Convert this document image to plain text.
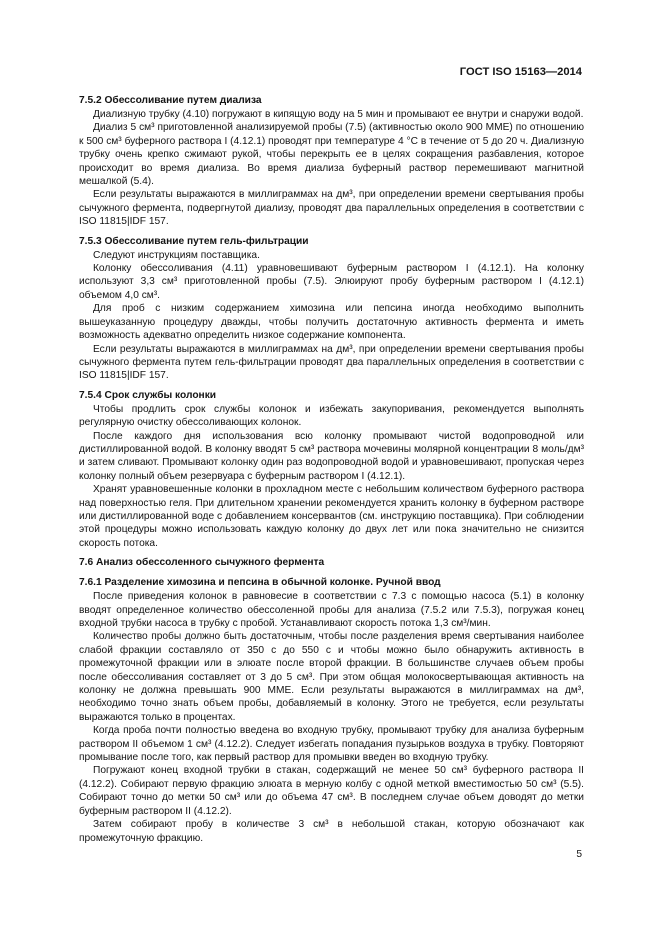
ГОСТ ISO 15163—2014
7.5.2 Обессоливание путем диализа

Диализную трубку (4.10) погружают в кипящую воду на 5 мин и промывают ее внутри и снаружи водой.

Диализ 5 см³ приготовленной анализируемой пробы (7.5) (активностью около 900 ММЕ) по отношению к 500 см³ буферного раствора I (4.12.1) проводят при температуре 4 °С в течение от 5 до 20 ч. Диализную трубку очень крепко сжимают рукой, чтобы перекрыть ее в целях сокращения разбавления, которое происходит во время диализа. Во время диализа буферный раствор перемешивают магнитной мешалкой (5.4).

Если результаты выражаются в миллиграммах на дм³, при определении времени свертывания пробы сычужного фермента, подвергнутой диализу, проводят два параллельных определения в соответствии с ISO 11815|IDF 157.

7.5.3 Обессоливание путем гель-фильтрации

Следуют инструкциям поставщика.

Колонку обессоливания (4.11) уравновешивают буферным раствором I (4.12.1). На колонку используют 3,3 см³ приготовленной пробы (7.5). Элюируют пробу буферным раствором I (4.12.1) объемом 4,0 см³.

Для проб с низким содержанием химозина или пепсина иногда необходимо выполнить вышеуказанную процедуру дважды, чтобы получить достаточную активность фермента и иметь возможность адекватно определить низкое содержание компонента.

Если результаты выражаются в миллиграммах на дм³, при определении времени свертывания пробы сычужного фермента путем гель-фильтрации проводят два параллельных определения в соответствии с ISO 11815|IDF 157.

7.5.4 Срок службы колонки

Чтобы продлить срок службы колонок и избежать закупоривания, рекомендуется выполнять регулярную очистку обессоливающих колонок.

После каждого дня использования всю колонку промывают чистой водопроводной или дистиллированной водой. В колонку вводят 5 см³ раствора мочевины молярной концентрации 8 моль/дм³ и затем сливают. Промывают колонку один раз водопроводной водой и уравновешивают, пропуская через колонку полный объем резервуара с буферным раствором I (4.12.1).

Хранят уравновешенные колонки в прохладном месте с небольшим количеством буферного раствора над поверхностью геля. При длительном хранении рекомендуется хранить колонку в буферном растворе или дистиллированной воде с добавлением консервантов (см. инструкцию поставщика). При соблюдении этой процедуры можно использовать каждую колонку до двух лет или пока значительно не снизится скорость потока.

7.6 Анализ обессоленного сычужного фермента
7.6.1 Разделение химозина и пепсина в обычной колонке. Ручной ввод

После приведения колонок в равновесие в соответствии с 7.3 с помощью насоса (5.1) в колонку вводят определенное количество обессоленной пробы для анализа (7.5.2 или 7.5.3), погружая конец входной трубки насоса в трубку с пробой. Устанавливают скорость потока 1,3 см³/мин.

Количество пробы должно быть достаточным, чтобы после разделения время свертывания наиболее слабой фракции составляло от 350 с до 550 с и чтобы можно было обнаружить активность в промежуточной фракции или в элюате после второй фракции. В большинстве случаев объем пробы после обессоливания составляет от 3 до 5 см³. При этом общая молокосвертывающая активность на колонку не должна превышать 900 ММЕ. Если результаты выражаются в миллиграммах на дм³, необходимо точно знать объем пробы, добавляемый в колонку. Этого не требуется, если результаты выражаются только в процентах.

Когда проба почти полностью введена во входную трубку, промывают трубку для анализа буферным раствором II объемом 1 см³ (4.12.2). Следует избегать попадания пузырьков воздуха в трубку. Повторяют промывание после того, как первый раствор для промывки введен во входную трубку.

Погружают конец входной трубки в стакан, содержащий не менее 50 см³ буферного раствора II (4.12.2). Собирают первую фракцию элюата в мерную колбу с одной меткой вместимостью 50 см³ (5.5). Собирают точно до метки 50 см³ или до объема 47 см³. В последнем случае объем доводят до метки буферным раствором II (4.12.2).

Затем собирают пробу в количестве 3 см³ в небольшой стакан, которую обозначают как промежуточную фракцию.

5
